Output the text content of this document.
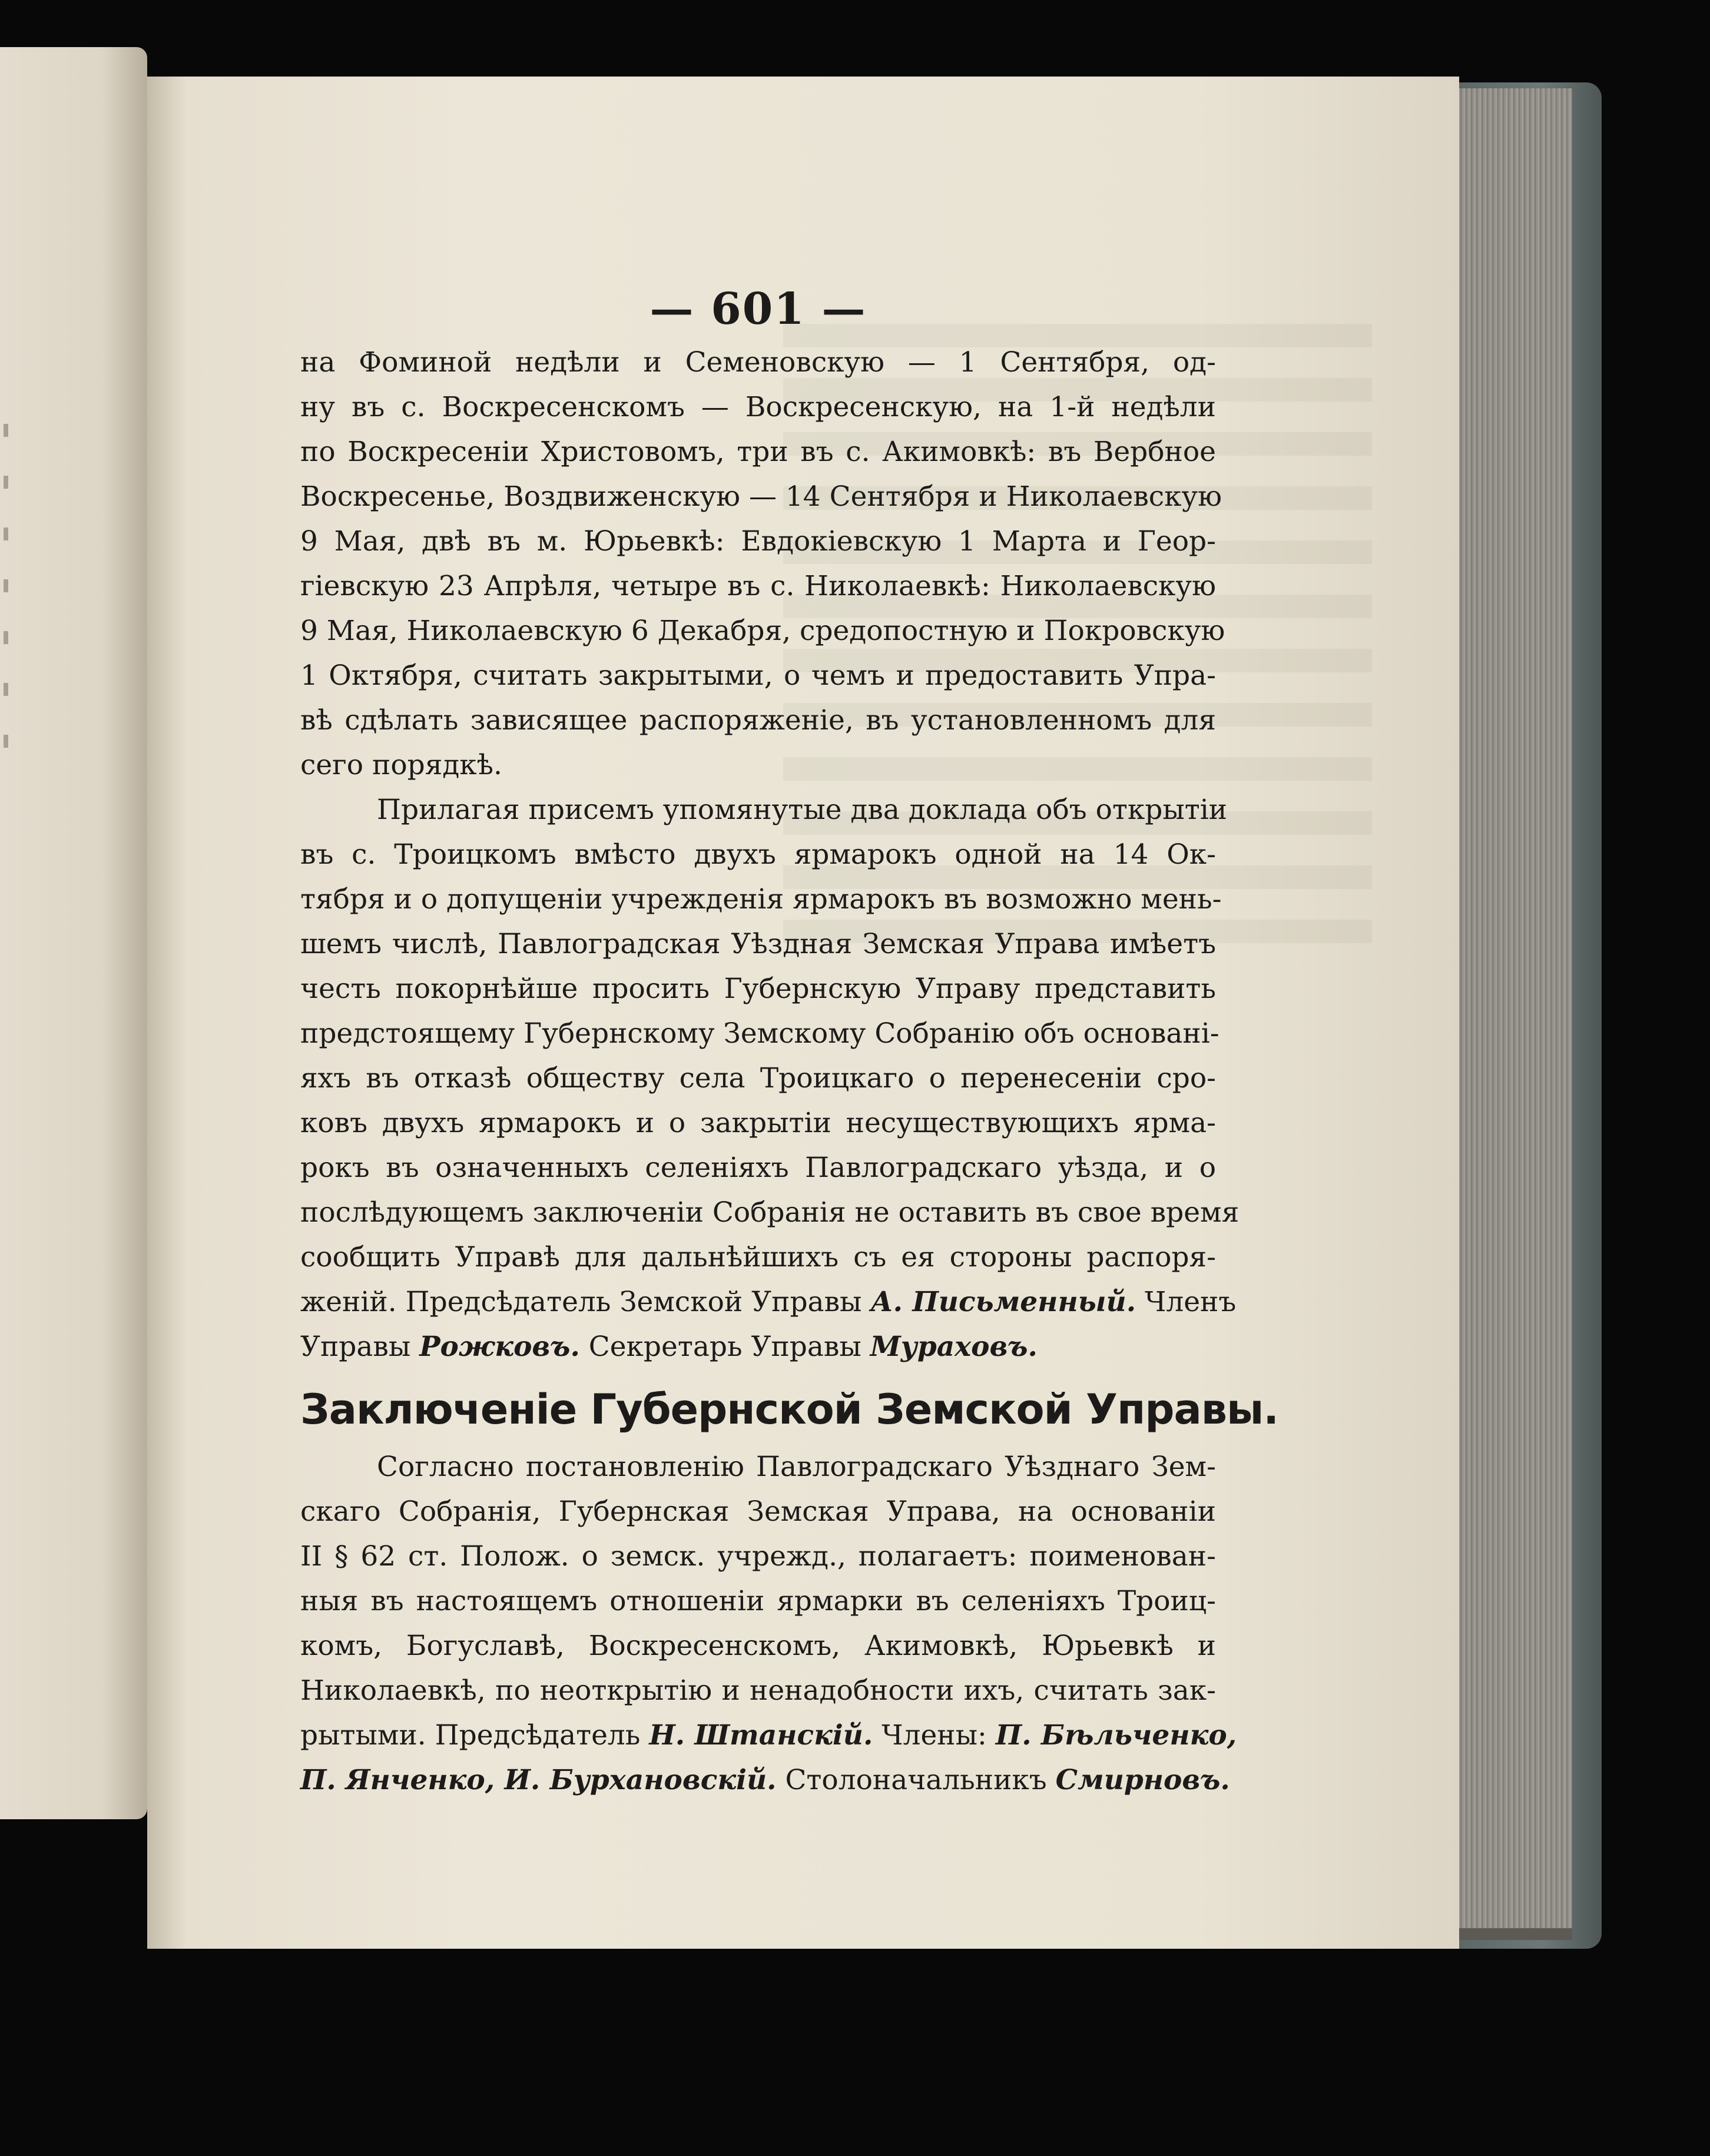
— 601 —
на Фоминой недѣли и Семеновскую — 1 Сентября, од-
ну въ с. Воскресенскомъ — Воскресенскую, на 1-й недѣли
по Воскресеніи Христовомъ, три въ с. Акимовкѣ: въ Вербное
Воскресенье, Воздвиженскую — 14 Сентября и Николаевскую
9 Мая, двѣ въ м. Юрьевкѣ: Евдокіевскую 1 Марта и Геор-
гіевскую 23 Апрѣля, четыре въ с. Николаевкѣ: Николаевскую
9 Мая, Николаевскую 6 Декабря, средопостную и Покровскую
1 Октября, считать закрытыми, о чемъ и предоставить Упра-
вѣ сдѣлать зависящее распоряженіе, въ установленномъ для
сего порядкѣ.
Прилагая присемъ упомянутые два доклада объ открытіи
въ с. Троицкомъ вмѣсто двухъ ярмарокъ одной на 14 Ок-
тября и о допущеніи учрежденія ярмарокъ въ возможно мень-
шемъ числѣ, Павлоградская Уѣздная Земская Управа имѣетъ
честь покорнѣйше просить Губернскую Управу представить
предстоящему Губернскому Земскому Собранію объ основані-
яхъ въ отказѣ обществу села Троицкаго о перенесеніи сро-
ковъ двухъ ярмарокъ и о закрытіи несуществующихъ ярма-
рокъ въ означенныхъ селеніяхъ Павлоградскаго уѣзда, и о
послѣдующемъ заключеніи Собранія не оставить въ свое время
сообщить Управѣ для дальнѣйшихъ съ ея стороны распоря-
женій. Предсѣдатель Земской Управы А. Письменный. Членъ
Управы Рожковъ. Секретарь Управы Мураховъ.
Заключеніе Губернской Земской Управы.
Согласно постановленію Павлоградскаго Уѣзднаго Зем-
скаго Собранія, Губернская Земская Управа, на основаніи
II § 62 ст. Полож. о земск. учрежд., полагаетъ: поименован-
ныя въ настоящемъ отношеніи ярмарки въ селеніяхъ Троиц-
комъ, Богуславѣ, Воскресенскомъ, Акимовкѣ, Юрьевкѣ и
Николаевкѣ, по неоткрытію и ненадобности ихъ, считать зак-
рытыми. Предсѣдатель Н. Штанскій. Члены: П. Бѣльченко,
П. Янченко, И. Бурхановскій. Столоначальникъ Смирновъ.
